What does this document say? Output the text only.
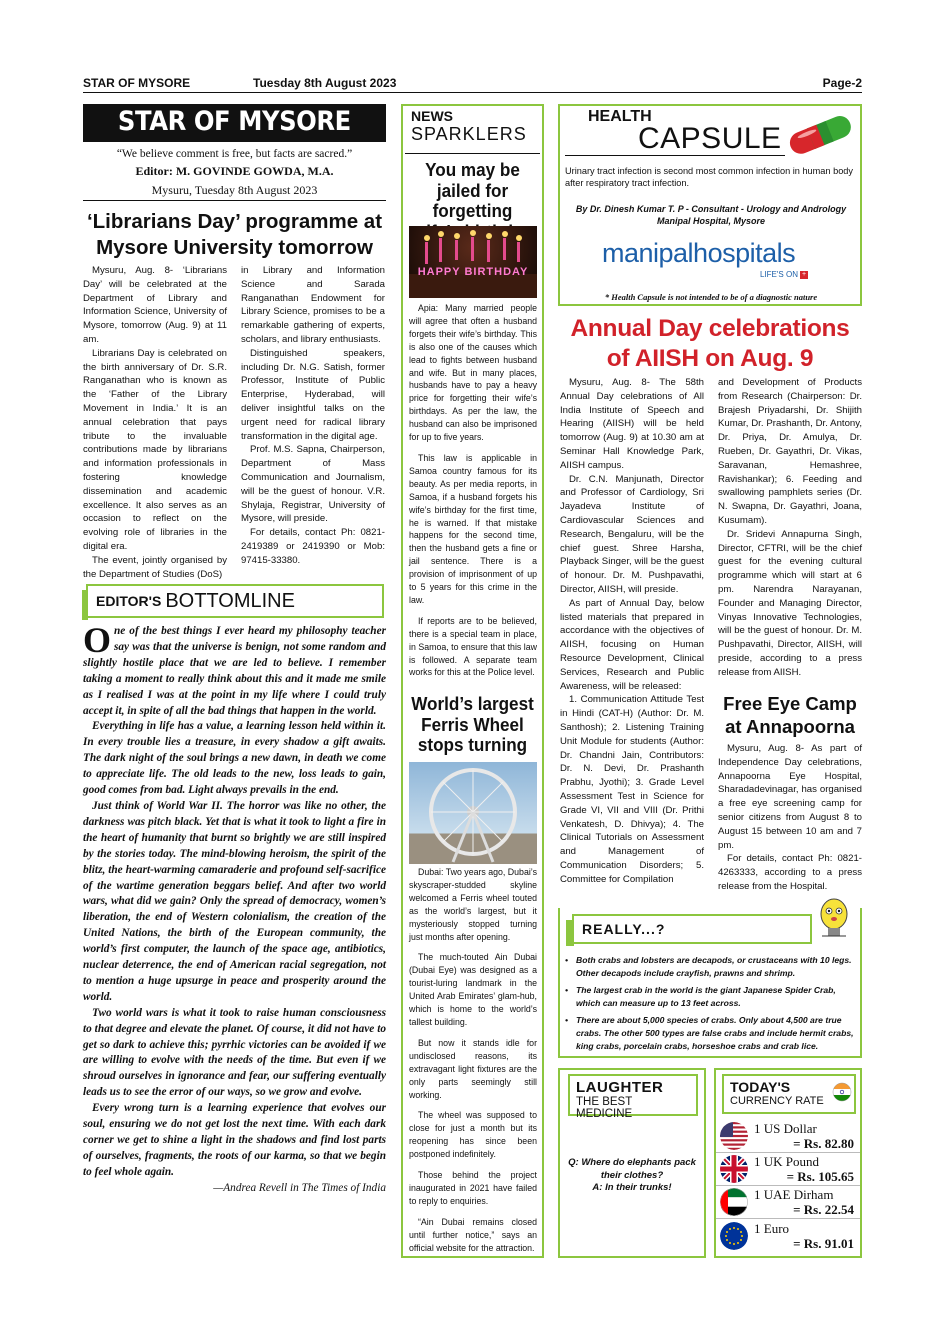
STAR OF MYSORE	Tuesday 8th August 2023	Page-2
STAR OF MYSORE
“We believe comment is free, but facts are sacred.”
Editor: M. GOVINDE GOWDA, M.A.
Mysuru, Tuesday 8th August 2023
‘Librarians Day’ programme at Mysore University tomorrow

Mysuru, Aug. 8- ‘Librarians Day’ will be celebrated at the Department of Library and Information Science, University of Mysore, tomorrow (Aug. 9) at 11 am.

Librarians Day is celebrated on the birth anniversary of Dr. S.R. Ranganathan who is known as the ‘Father of the Library Movement in India.’ It is an annual celebration that pays tribute to the invaluable contributions made by librarians and information professionals in fostering knowledge dissemination and academic excellence. It also serves as an occasion to reflect on the evolving role of libraries in the digital era.

The event, jointly organised by the Department of Studies (DoS)

in Library and Information Science and Sarada Ranganathan Endowment for Library Science, promises to be a remarkable gathering of experts, scholars, and library enthusiasts.

Distinguished speakers, including Dr. N.G. Satish, former Professor, Institute of Public Enterprise, Hyderabad, will deliver insightful talks on the urgent need for radical library transformation in the digital age.

Prof. M.S. Sapna, Chairperson, Department of Mass Communication and Journalism, will be the guest of honour. V.R. Shylaja, Registrar, University of Mysore, will preside.

For details, contact Ph: 0821-2419389 or 2419390 or Mob: 97415-33380.

EDITOR'S BOTTOMLINE

One of the best things I ever heard my philosophy teacher say was that the universe is benign, not some random and slightly hostile place that we are led to believe. I remember taking a moment to really think about this and it made me smile as I realised I was at the point in my life where I could truly accept it, in spite of all the bad things that happen in the world.

Everything in life has a value, a learning lesson held within it. In every trouble lies a treasure, in every shadow a gift awaits. The dark night of the soul brings a new dawn, in death we come to appreciate life. The old leads to the new, loss leads to gain, good comes from bad. Light always prevails in the end.

Just think of World War II. The horror was like no other, the darkness was pitch black. Yet that is what it took to light a fire in the heart of humanity that burnt so brightly we are still inspired by the stories today. The mind-blowing heroism, the spirit of the blitz, the heart-warming camaraderie and profound self-sacrifice of the wartime generation beggars belief. And after two world wars, what did we gain? Only the spread of democracy, women’s liberation, the end of Western colonialism, the creation of the United Nations, the birth of the European community, the world’s first computer, the launch of the space age, antibiotics, nuclear deterrence, the end of American racial segregation, not to mention a huge upsurge in peace and prosperity around the world.

Two world wars is what it took to raise human consciousness to that degree and elevate the planet. Of course, it did not have to get so dark to achieve this; pyrrhic victories can be avoided if we are willing to evolve with the needs of the time. But even if we shroud ourselves in ignorance and fear, our suffering eventually leads us to see the error of our ways, so we grow and evolve.

Every wrong turn is a learning experience that evolves our soul, ensuring we do not get lost the next time. With each dark corner we get to shine a light in the shadows and find lost parts of ourselves, fragments, the roots of our karma, so that we begin to feel whole again.

—Andrea Revell in The Times of India

NEWS
SPARKLERS
You may be jailed for forgetting
HAPPY BIRTHDAY

Apia: Many married people will agree that often a husband forgets their wife’s birthday. This is also one of the causes which lead to fights between husband and wife. But in many places, husbands have to pay a heavy price for forgetting their wife’s birthdays. As per the law, the husband can also be imprisoned for up to five years.

This law is applicable in Samoa country famous for its beauty. As per media reports, in Samoa, if a husband forgets his wife’s birthday for the first time, he is warned. If that mistake happens for the second time, then the husband gets a fine or jail sentence. There is a provision of imprisonment of up to 5 years for this crime in the law.

If reports are to be believed, there is a special team in place, in Samoa, to ensure that this law is followed. A separate team works for this at the Police level.

World’s largest Ferris Wheel stops turning

Dubai: Two years ago, Dubai’s skyscraper-studded skyline welcomed a Ferris wheel touted as the world’s largest, but it mysteriously stopped turning just months after opening.

The much-touted Ain Dubai (Dubai Eye) was designed as a tourist-luring landmark in the United Arab Emirates’ glam-hub, which is home to the world’s tallest building.

But now it stands idle for undisclosed reasons, its extravagant light fixtures are the only parts seemingly still working.

The wheel was supposed to close for just a month but its reopening has since been postponed indefinitely.

Those behind the project inaugurated in 2021 have failed to reply to enquiries.

“Ain Dubai remains closed until further notice,” says an official website for the attraction.

HEALTH
CAPSULE
Urinary tract infection is second most common infection in human body after respiratory tract infection.
By Dr. Dinesh Kumar T. P - Consultant - Urology and Andrology
Manipal Hospital, Mysore
manipalhospitals
LIFE'S ON +
* Health Capsule is not intended to be of a diagnostic nature
Annual Day celebrations of AIISH on Aug. 9

Mysuru, Aug. 8- The 58th Annual Day celebrations of All India Institute of Speech and Hearing (AIISH) will be held tomorrow (Aug. 9) at 10.30 am at Seminar Hall Knowledge Park, AIISH campus.

Dr. C.N. Manjunath, Director and Professor of Cardiology, Sri Jayadeva Institute of Cardiovascular Sciences and Research, Bengaluru, will be the chief guest. Shree Harsha, Playback Singer, will be the guest of honour. Dr. M. Pushpavathi, Director, AIISH, will preside.

As part of Annual Day, below listed materials that prepared in accordance with the objectives of AIISH, focusing on Human Resource Development, Clinical Services, Research and Public Awareness, will be released:

1. Communication Attitude Test in Hindi (CAT-H) (Author: Dr. M. Santhosh); 2. Listening Training Unit Module for students (Author: Dr. Chandni Jain, Contributors: Dr. N. Devi, Dr. Prashanth Prabhu, Jyothi); 3. Grade Level Assessment Test in Science for Grade VI, VII and VIII (Dr. Prithi Venkatesh, D. Dhivya); 4. The Clinical Tutorials on Assessment and Management of Communication Disorders; 5. Committee for Compilation

and Development of Products from Research (Chairperson: Dr. Brajesh Priyadarshi, Dr. Shijith Kumar, Dr. Prashanth, Dr. Antony, Dr. Priya, Dr. Amulya, Dr. Rueben, Dr. Gayathri, Dr. Vikas, Saravanan, Hemashree, Ravishankar); 6. Feeding and swallowing pamphlets series (Dr. N. Swapna, Dr. Gayathri, Joana, Kusumam).

Dr. Sridevi Annapurna Singh, Director, CFTRI, will be the chief guest for the evening cultural programme which will start at 6 pm. Narendra Narayanan, Founder and Managing Director, Vinyas Innovative Technologies, will be the guest of honour. Dr. M. Pushpavathi, Director, AIISH, will preside, according to a press release from AIISH.

Free Eye Camp at Annapoorna

Mysuru, Aug. 8- As part of Independence Day celebrations, Annapoorna Eye Hospital, Sharadadevinagar, has organised a free eye screening camp for senior citizens from August 8 to August 15 between 10 am and 7 pm.

For details, contact Ph: 0821-4263333, according to a press release from the Hospital.

REALLY...?
• Both crabs and lobsters are decapods, or crustaceans with 10 legs. Other decapods include crayfish, prawns and shrimp.
• The largest crab in the world is the giant Japanese Spider Crab, which can measure up to 13 feet across.
• There are about 5,000 species of crabs. Only about 4,500 are true crabs. The other 500 types are false crabs and include hermit crabs, king crabs, porcelain crabs, horseshoe crabs and crab lice.
LAUGHTER
THE BEST MEDICINE
Q: Where do elephants pack their clothes?
A: In their trunks!
TODAY'S
CURRENCY RATE
1 US Dollar
= Rs. 82.80
1 UK Pound
= Rs. 105.65
1 UAE Dirham
= Rs. 22.54
1 Euro
= Rs. 91.01
